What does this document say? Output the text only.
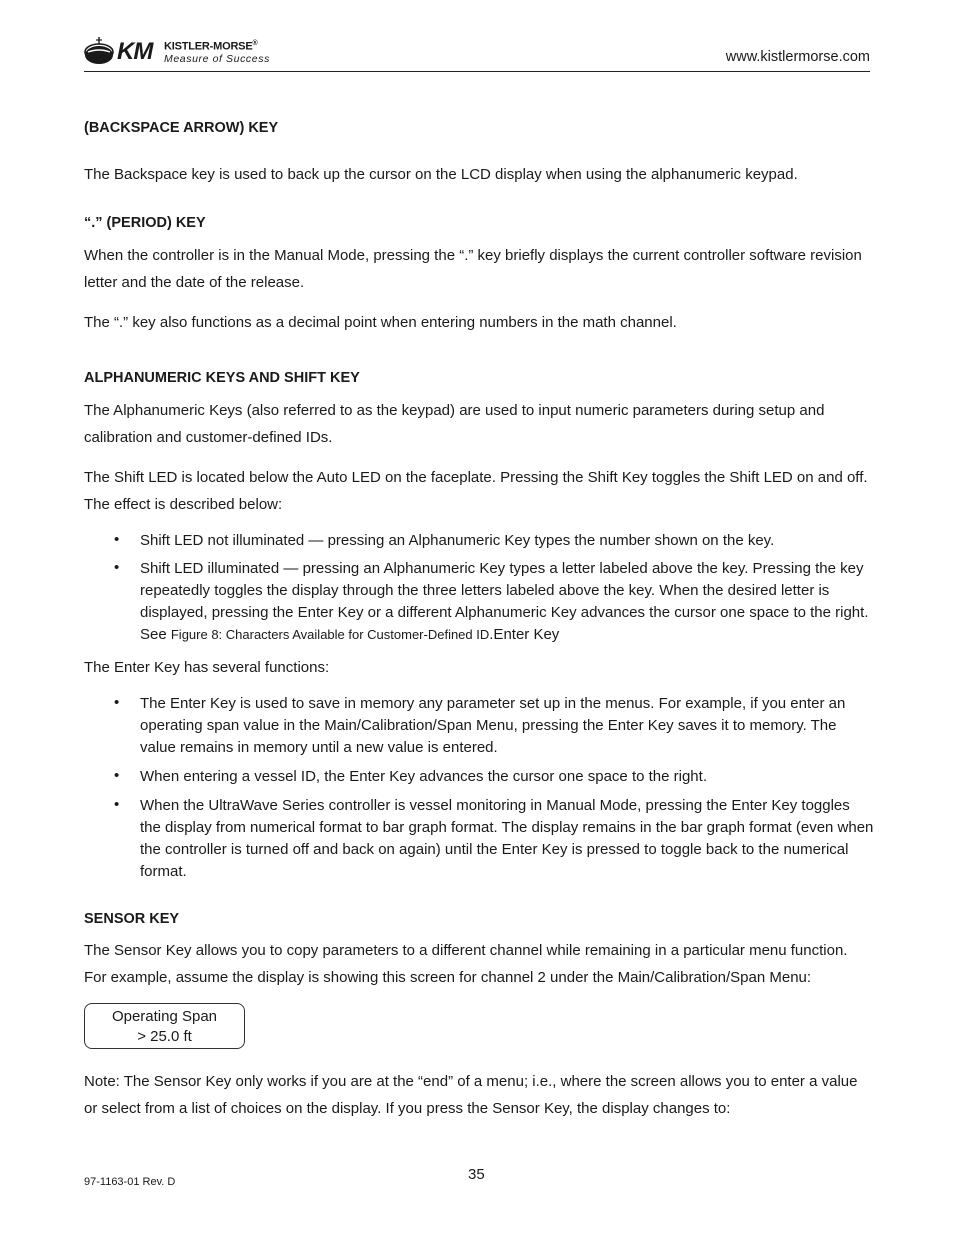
KM KISTLER-MORSE®
Measure of Success	www.kistlermorse.com
(BACKSPACE ARROW) KEY
The Backspace key is used to back up the cursor on the LCD display when using the alphanumeric keypad.
“.” (PERIOD) KEY
When the controller is in the Manual Mode, pressing the “.” key briefly displays the current controller software revision letter and the date of the release.
The “.” key also functions as a decimal point when entering numbers in the math channel.
ALPHANUMERIC KEYS AND SHIFT KEY
The Alphanumeric Keys (also referred to as the keypad) are used to input numeric parameters during setup and calibration and customer-defined IDs.
The Shift LED is located below the Auto LED on the faceplate. Pressing the Shift Key toggles the Shift LED on and off. The effect is described below:
• Shift LED not illuminated — pressing an Alphanumeric Key types the number shown on the key.
• Shift LED illuminated — pressing an Alphanumeric Key types a letter labeled above the key. Pressing the key repeatedly toggles the display through the three letters labeled above the key. When the desired letter is displayed, pressing the Enter Key or a different Alphanumeric Key advances the cursor one space to the right. See Figure 8: Characters Available for Customer-Defined ID.Enter Key
The Enter Key has several functions:
• The Enter Key is used to save in memory any parameter set up in the menus. For example, if you enter an operating span value in the Main/Calibration/Span Menu, pressing the Enter Key saves it to memory. The value remains in memory until a new value is entered.
• When entering a vessel ID, the Enter Key advances the cursor one space to the right.
• When the UltraWave Series controller is vessel monitoring in Manual Mode, pressing the Enter Key toggles the display from numerical format to bar graph format. The display remains in the bar graph format (even when the controller is turned off and back on again) until the Enter Key is pressed to toggle back to the numerical format.
SENSOR KEY
The Sensor Key allows you to copy parameters to a different channel while remaining in a particular menu function. For example, assume the display is showing this screen for channel 2 under the Main/Calibration/Span Menu:
Operating Span
> 25.0 ft
Note: The Sensor Key only works if you are at the “end” of a menu; i.e., where the screen allows you to enter a value or select from a list of choices on the display. If you press the Sensor Key, the display changes to:
35
97-1163-01 Rev. D
